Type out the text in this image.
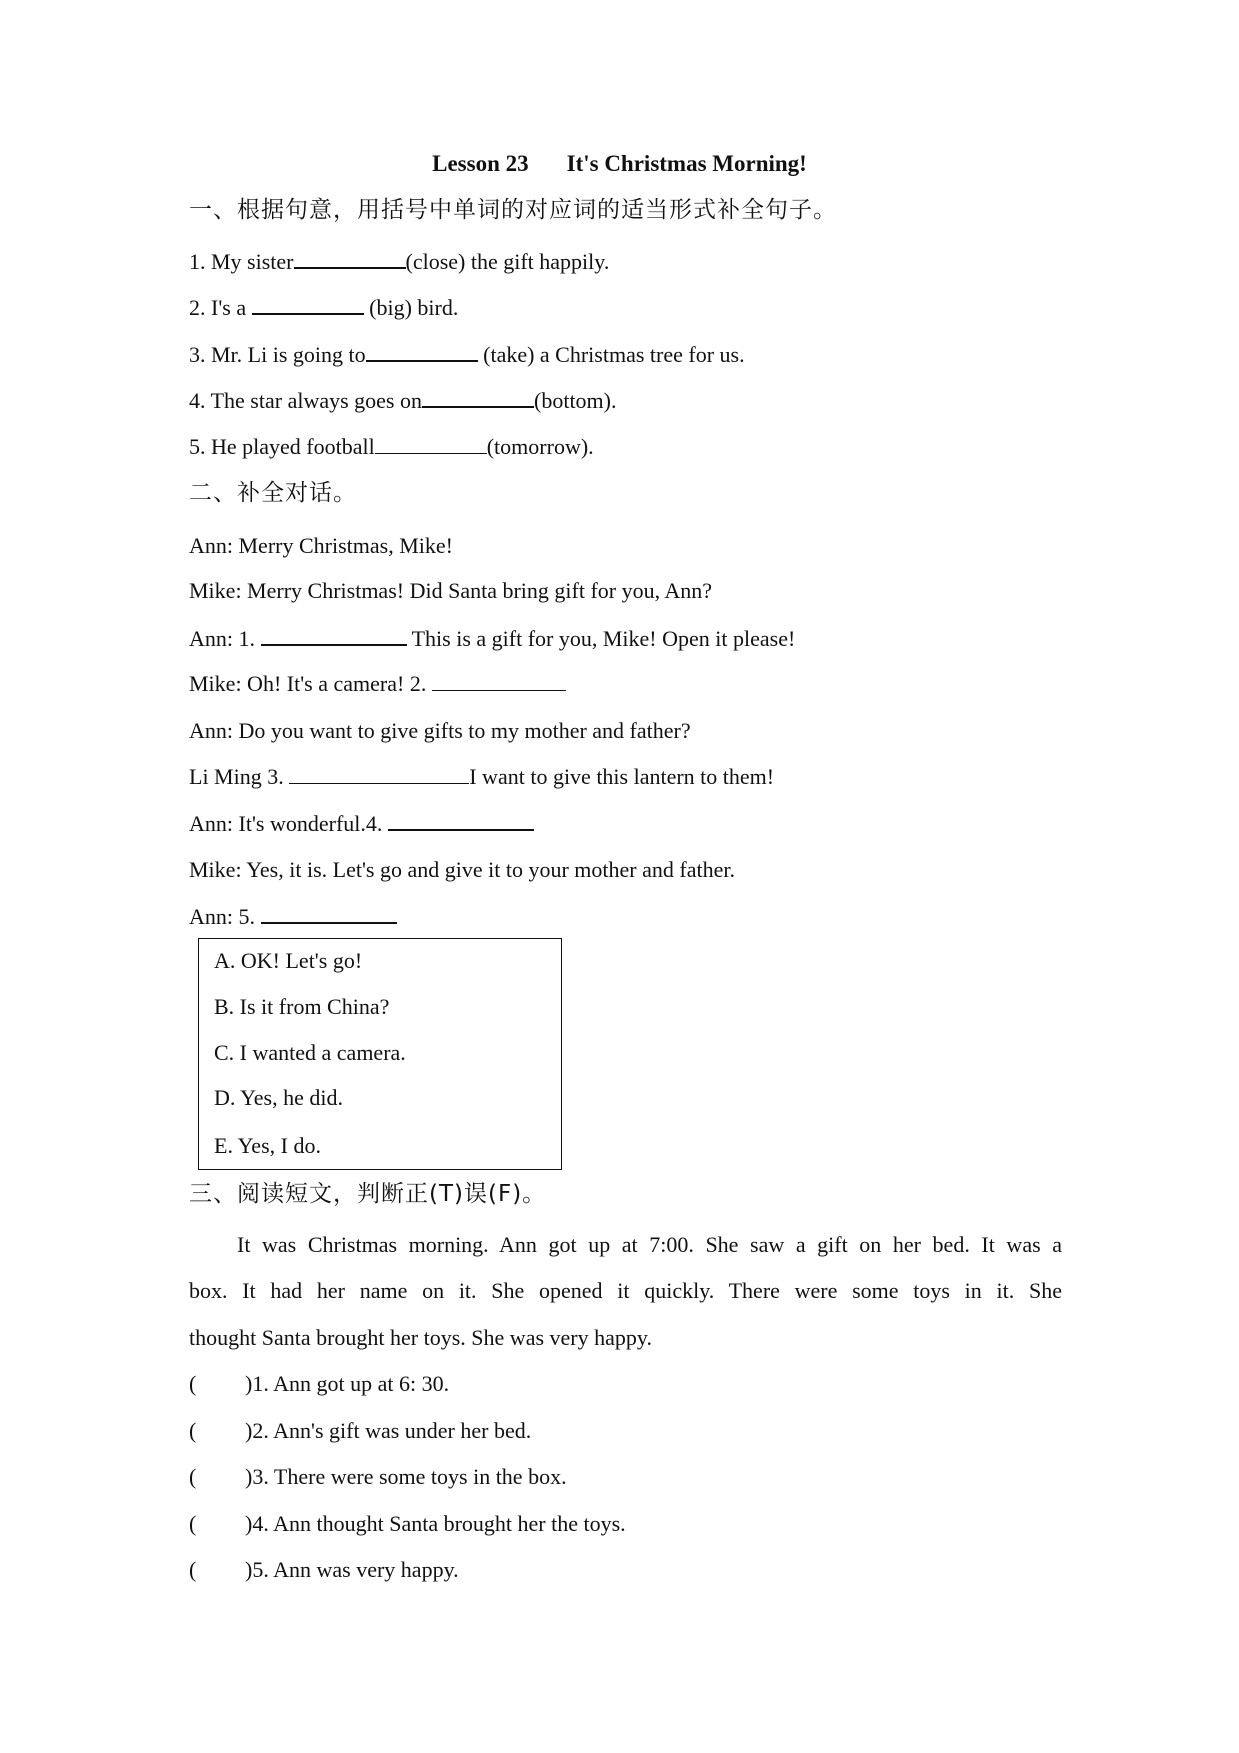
Lesson 23 It's Christmas Morning!
一、根据句意，用括号中单词的对应词的适当形式补全句子。
1. My sister	(close) the gift happily.
2. I's a	(big) bird.
3. Mr. Li is going to	(take) a Christmas tree for us.
4. The star always goes on	(bottom).
5. He played football	(tomorrow).
二、补全对话。
Ann: Merry Christmas, Mike!
Mike: Merry Christmas! Did Santa bring gift for you, Ann?
Ann: 1.	This is a gift for you, Mike! Open it please!
Mike: Oh! It's a camera! 2.
Ann: Do you want to give gifts to my mother and father?
Li Ming 3.	I want to give this lantern to them!
Ann: It's wonderful.4.
Mike: Yes, it is. Let's go and give it to your mother and father.
Ann: 5.
A. OK! Let's go!
B. Is it from China?
C. I wanted a camera.
D. Yes, he did.
E. Yes, I do.
三、阅读短文，判断正(T)误(F)。
It was Christmas morning. Ann got up at 7:00. She saw a gift on her bed. It was a
box. It had her name on it. She opened it quickly. There were some toys in it. She
thought Santa brought her toys. She was very happy.
( )1. Ann got up at 6: 30.
( )2. Ann's gift was under her bed.
( )3. There were some toys in the box.
( )4. Ann thought Santa brought her the toys.
( )5. Ann was very happy.
